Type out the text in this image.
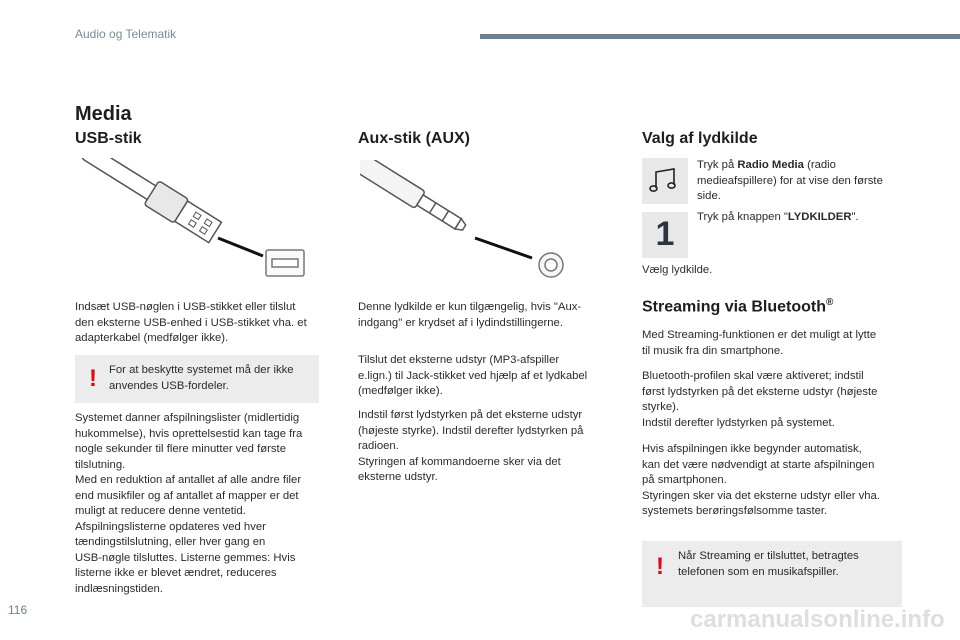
Audio og Telematik
Media
USB-stik
Indsæt USB-nøglen i USB-stikket eller tilslut
den eksterne USB-enhed i USB-stikket vha. et
adapterkabel (medfølger ikke).
! For at beskytte systemet må der ikke
anvendes USB-fordeler.
Systemet danner afspilningslister (midlertidig
hukommelse), hvis oprettelsestid kan tage fra
nogle sekunder til flere minutter ved første
tilslutning.
Med en reduktion af antallet af alle andre filer
end musikfiler og af antallet af mapper er det
muligt at reducere denne ventetid.
Afspilningslisterne opdateres ved hver
tændingstilslutning, eller hver gang en
USB-nøgle tilsluttes. Listerne gemmes: Hvis
listerne ikke er blevet ændret, reduceres
indlæsningstiden.
Aux-stik (AUX)
Denne lydkilde er kun tilgængelig, hvis "Aux-
indgang" er krydset af i lydindstillingerne.
Tilslut det eksterne udstyr (MP3-afspiller
e.lign.) til Jack-stikket ved hjælp af et lydkabel
(medfølger ikke).
Indstil først lydstyrken på det eksterne udstyr
(højeste styrke). Indstil derefter lydstyrken på
radioen.
Styringen af kommandoerne sker via det
eksterne udstyr.
Valg af lydkilde
Tryk på Radio Media (radio
medieafspillere) for at vise den første
side.
1	Tryk på knappen "LYDKILDER".
Vælg lydkilde.
Streaming via Bluetooth®
Med Streaming-funktionen er det muligt at lytte
til musik fra din smartphone.
Bluetooth-profilen skal være aktiveret; indstil
først lydstyrken på det eksterne udstyr (højeste
styrke).
Indstil derefter lydstyrken på systemet.
Hvis afspilningen ikke begynder automatisk,
kan det være nødvendigt at starte afspilningen
på smartphonen.
Styringen sker via det eksterne udstyr eller vha.
systemets berøringsfølsomme taster.
! Når Streaming er tilsluttet, betragtes
telefonen som en musikafspiller.
116	carmanualsonline.info
